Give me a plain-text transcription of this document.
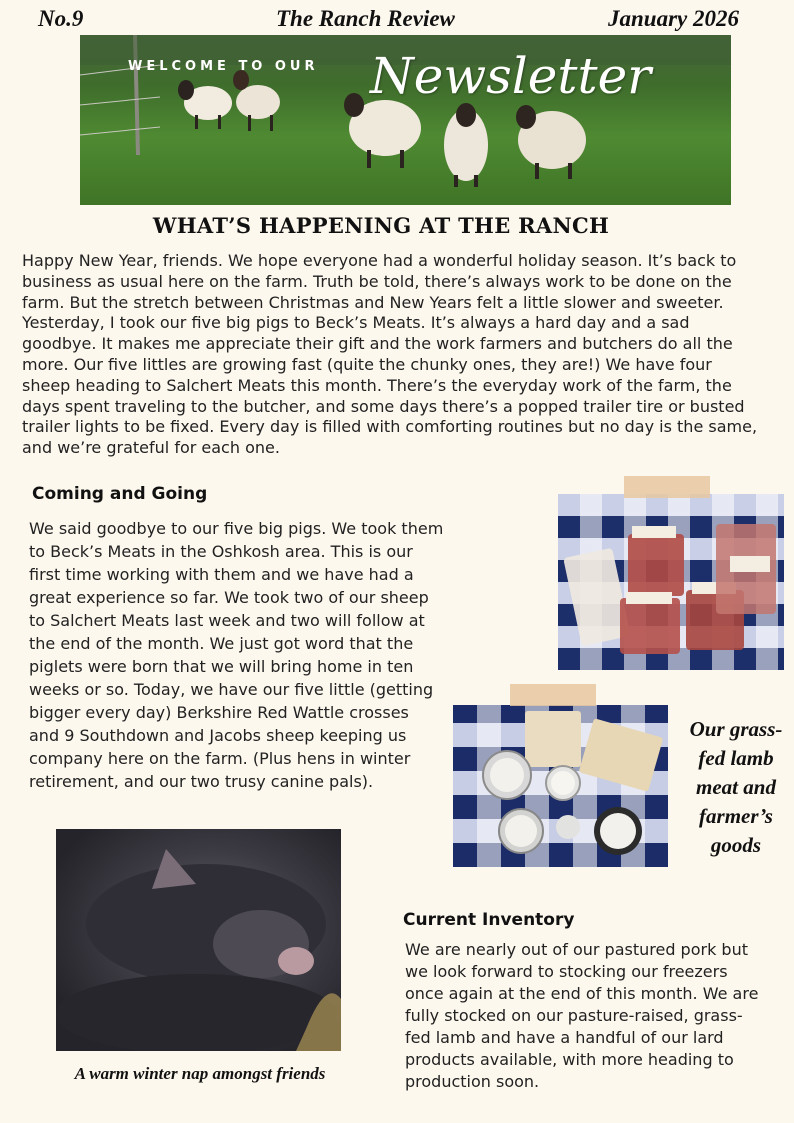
No.9	The Ranch Review	January 2026
WELCOME TO OUR Newsletter
WHAT’S HAPPENING AT THE RANCH

Happy New Year, friends. We hope everyone had a wonderful holiday season. It’s back to business as usual here on the farm. Truth be told, there’s always work to be done on the farm. But the stretch between Christmas and New Years felt a little slower and sweeter. Yesterday, I took our five big pigs to Beck’s Meats. It’s always a hard day and a sad goodbye. It makes me appreciate their gift and the work farmers and butchers do all the more. Our five littles are growing fast (quite the chunky ones, they are!) We have four sheep heading to Salchert Meats this month. There’s the everyday work of the farm, the days spent traveling to the butcher, and some days there’s a popped trailer tire or busted trailer lights to be fixed. Every day is filled with comforting routines but no day is the same, and we’re grateful for each one.

Coming and Going

We said goodbye to our five big pigs. We took them to Beck’s Meats in the Oshkosh area. This is our first time working with them and we have had a great experience so far. We took two of our sheep to Salchert Meats last week and two will follow at the end of the month. We just got word that the piglets were born that we will bring home in ten weeks or so. Today, we have our five little (getting bigger every day) Berkshire Red Wattle crosses and 9 Southdown and Jacobs sheep keeping us company here on the farm. (Plus hens in winter retirement, and our two trusy canine pals).

Our grass-fed lamb meat and farmer’s goods

A warm winter nap amongst friends
Current Inventory

We are nearly out of our pastured pork but we look forward to stocking our freezers once again at the end of this month. We are fully stocked on our pasture-raised, grass-fed lamb and have a handful of our lard products available, with more heading to production soon.
